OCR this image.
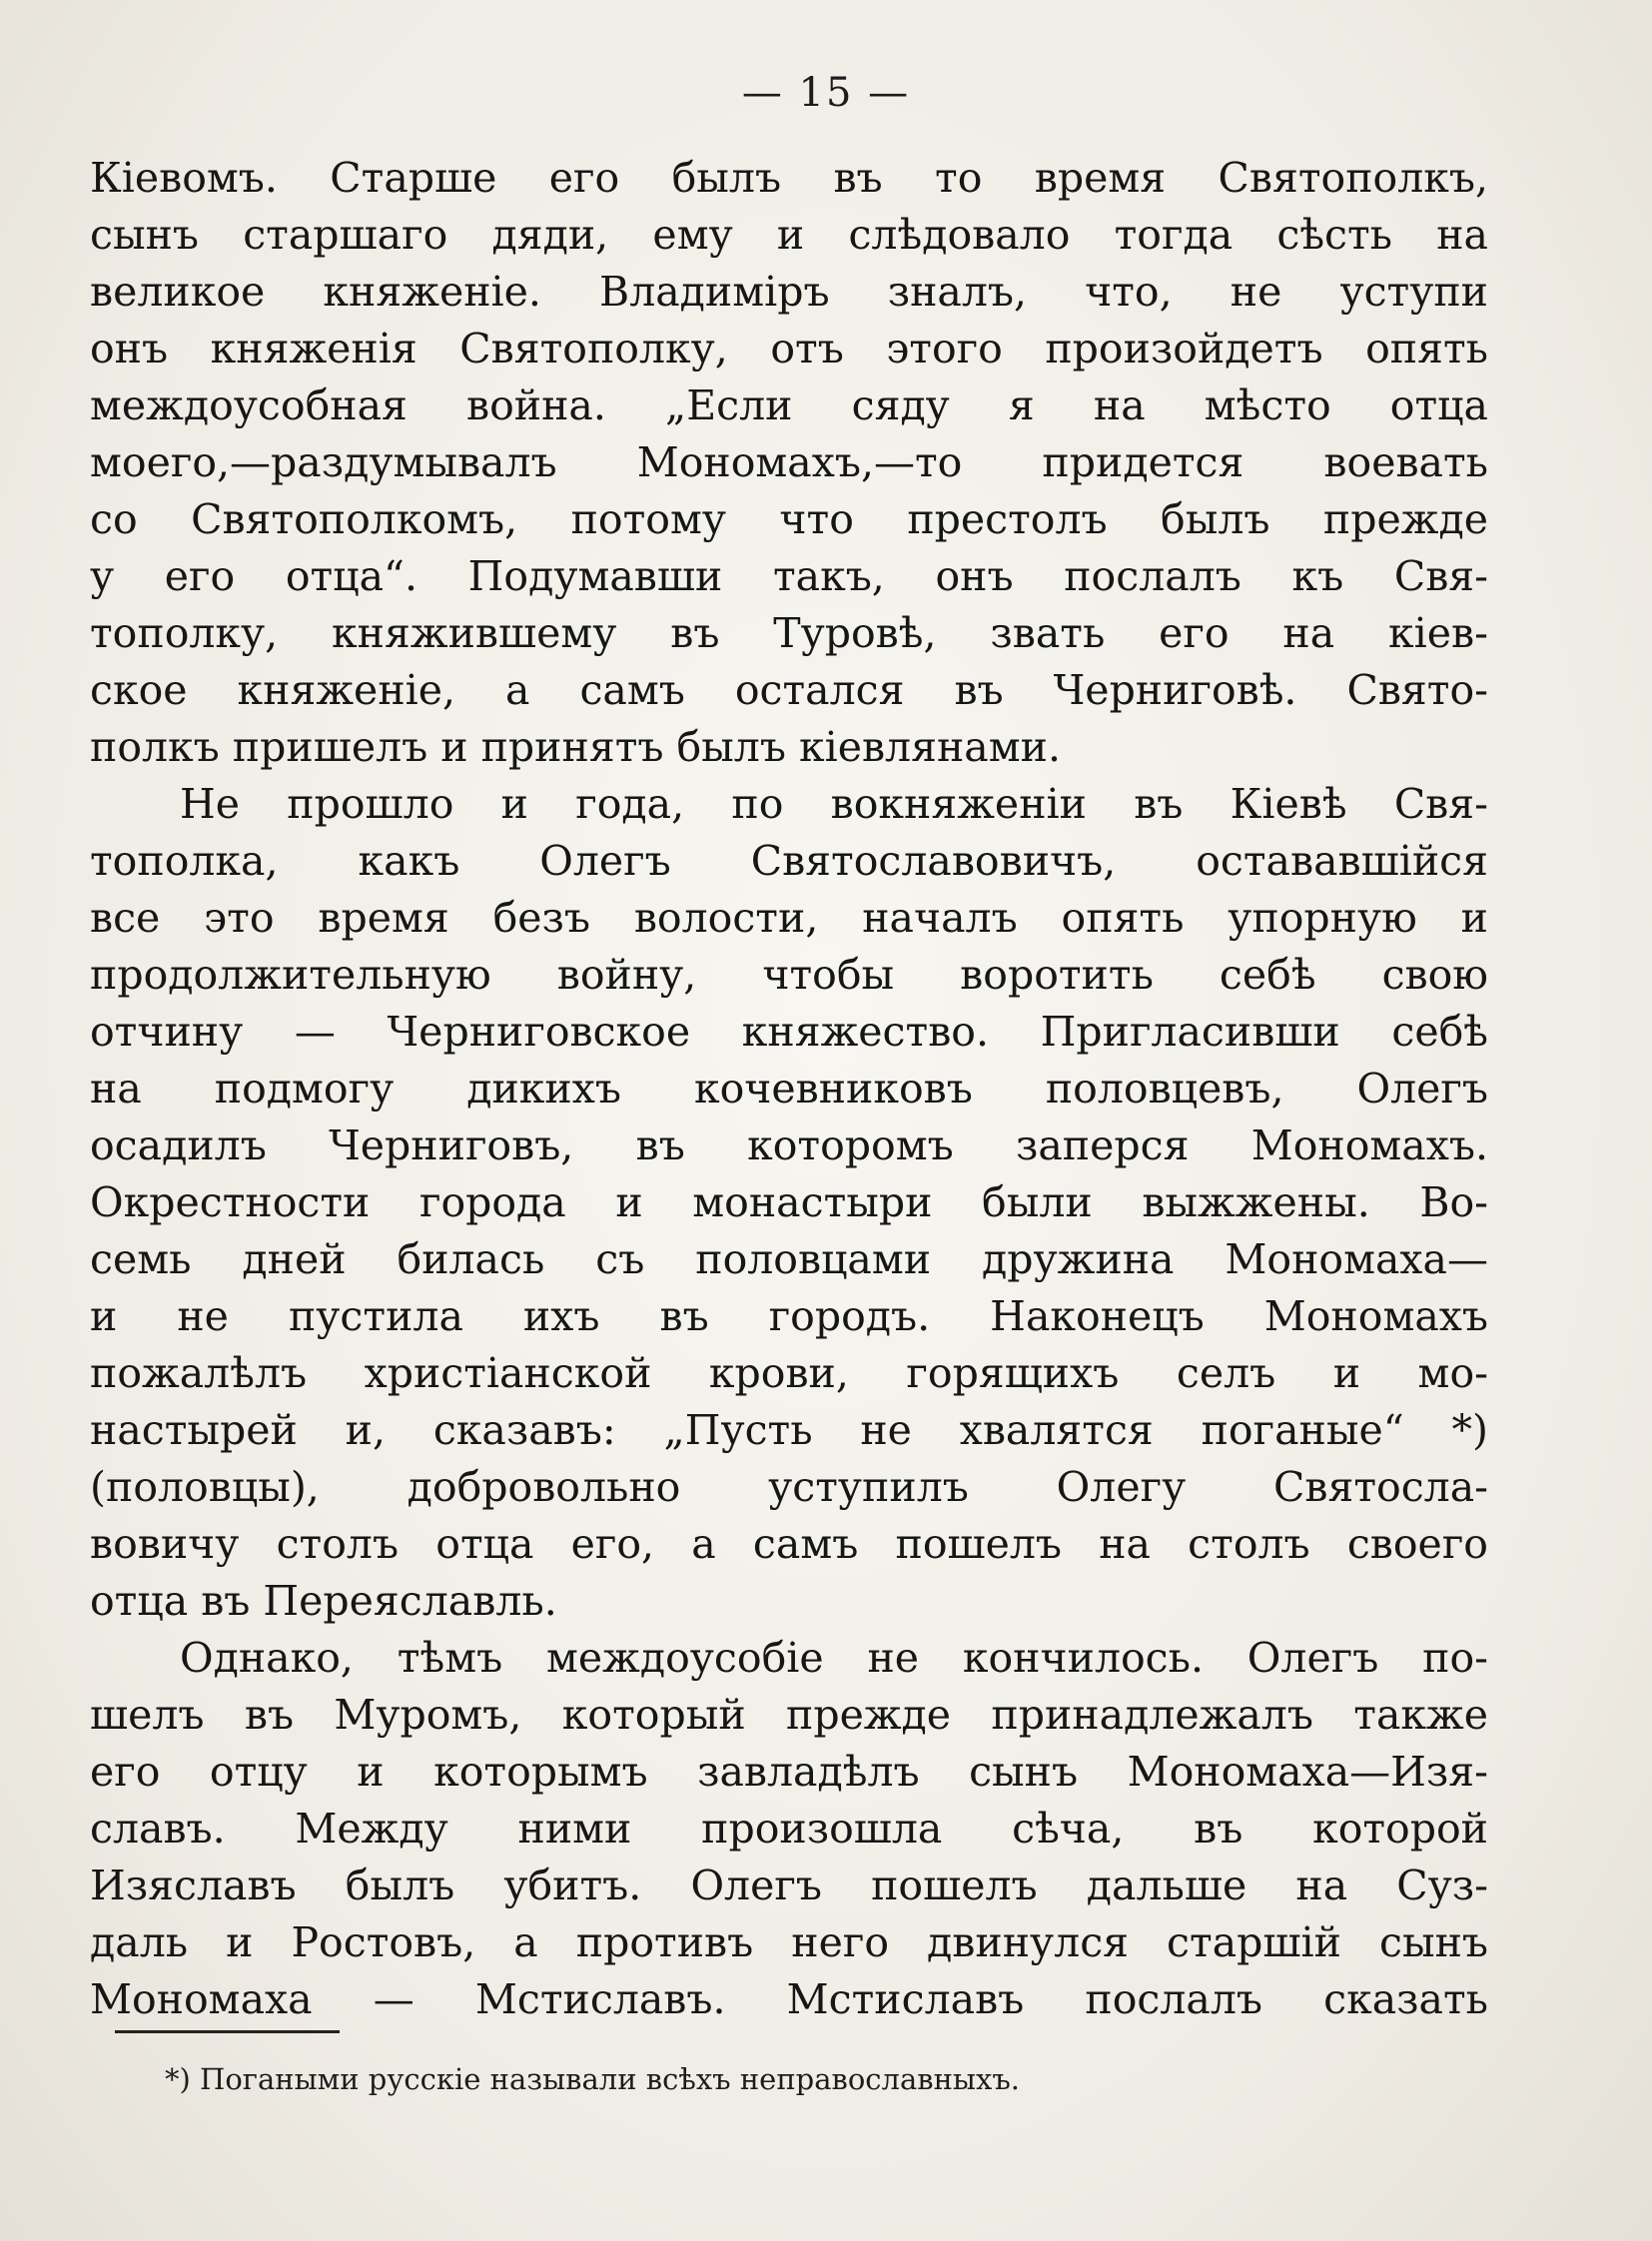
— 15 —
Кіевомъ. Старше его былъ въ то время Святополкъ,
сынъ старшаго дяди, ему и слѣдовало тогда сѣсть на
великое княженіе. Владиміръ зналъ, что, не уступи
онъ княженія Святополку, отъ этого произойдетъ опять
междоусобная война. „Если сяду я на мѣсто отца
моего,—раздумывалъ Мономахъ,—то придется воевать
со Святополкомъ, потому что престолъ былъ прежде
у его отца“. Подумавши такъ, онъ послалъ къ Свя-
тополку, княжившему въ Туровѣ, звать его на кіев-
ское княженіе, а самъ остался въ Черниговѣ. Свято-
полкъ пришелъ и принятъ былъ кіевлянами.
Не прошло и года, по вокняженіи въ Кіевѣ Свя-
тополка, какъ Олегъ Святославовичъ, остававшійся
все это время безъ волости, началъ опять упорную и
продолжительную войну, чтобы воротить себѣ свою
отчину — Черниговское княжество. Пригласивши себѣ
на подмогу дикихъ кочевниковъ половцевъ, Олегъ
осадилъ Черниговъ, въ которомъ заперся Мономахъ.
Окрестности города и монастыри были выжжены. Во-
семь дней билась съ половцами дружина Мономаха—
и не пустила ихъ въ городъ. Наконецъ Мономахъ
пожалѣлъ христіанской крови, горящихъ селъ и мо-
настырей и, сказавъ: „Пусть не хвалятся поганые“ *)
(половцы), добровольно уступилъ Олегу Святосла-
вовичу столъ отца его, а самъ пошелъ на столъ своего
отца въ Переяславль.
Однако, тѣмъ междоусобіе не кончилось. Олегъ по-
шелъ въ Муромъ, который прежде принадлежалъ также
его отцу и которымъ завладѣлъ сынъ Мономаха—Изя-
славъ. Между ними произошла сѣча, въ которой
Изяславъ былъ убитъ. Олегъ пошелъ дальше на Суз-
даль и Ростовъ, а противъ него двинулся старшій сынъ
Мономаха — Мстиславъ. Мстиславъ послалъ сказать
*) Погаными русскіе называли всѣхъ неправославныхъ.
